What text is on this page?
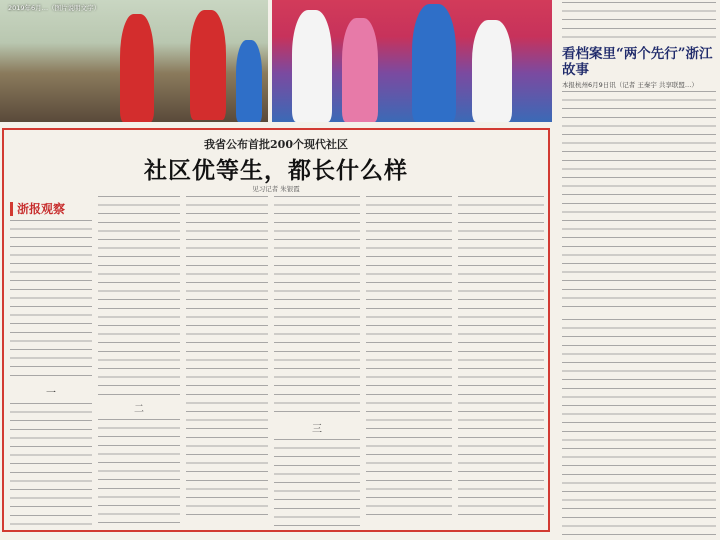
2019年6月…（图片说明文字）
看档案里“两个先行”浙江故事
本报杭州6月9日讯（记者 王秦宇 共享联盟…）
我省公布首批200个现代社区
社区优等生，都长什么样
见习记者 朱银霞
浙报观察
一
二
三
